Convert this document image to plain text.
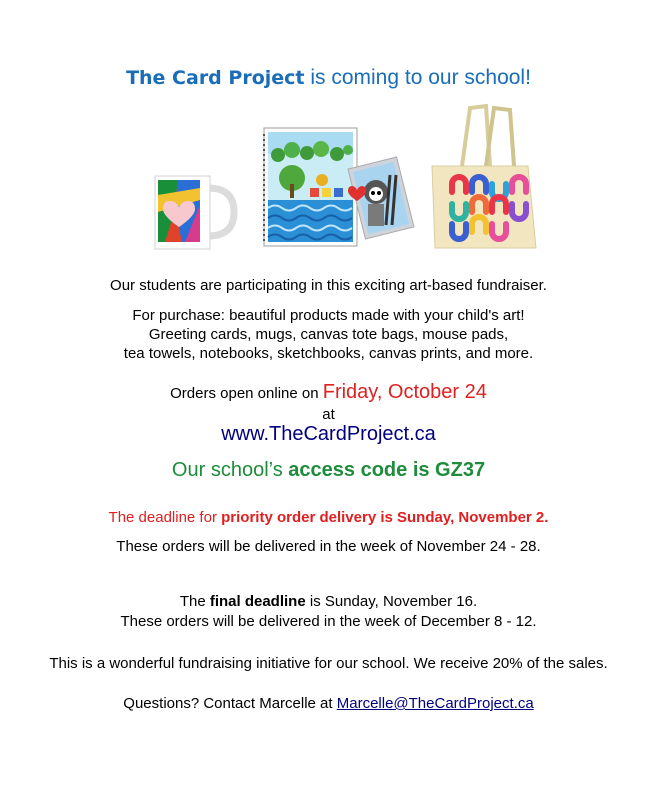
The Card Project is coming to our school!
Our students are participating in this exciting art-based fundraiser.
For purchase: beautiful products made with your child's art!
Greeting cards, mugs, canvas tote bags, mouse pads,
tea towels, notebooks, sketchbooks, canvas prints, and more.
Orders open online on Friday, October 24
at
www.TheCardProject.ca
Our school’s access code is GZ37
The deadline for priority order delivery is Sunday, November 2.
These orders will be delivered in the week of November 24 - 28.
The final deadline is Sunday, November 16.
These orders will be delivered in the week of December 8 - 12.
This is a wonderful fundraising initiative for our school. We receive 20% of the sales.
Questions? Contact Marcelle at Marcelle@TheCardProject.ca
